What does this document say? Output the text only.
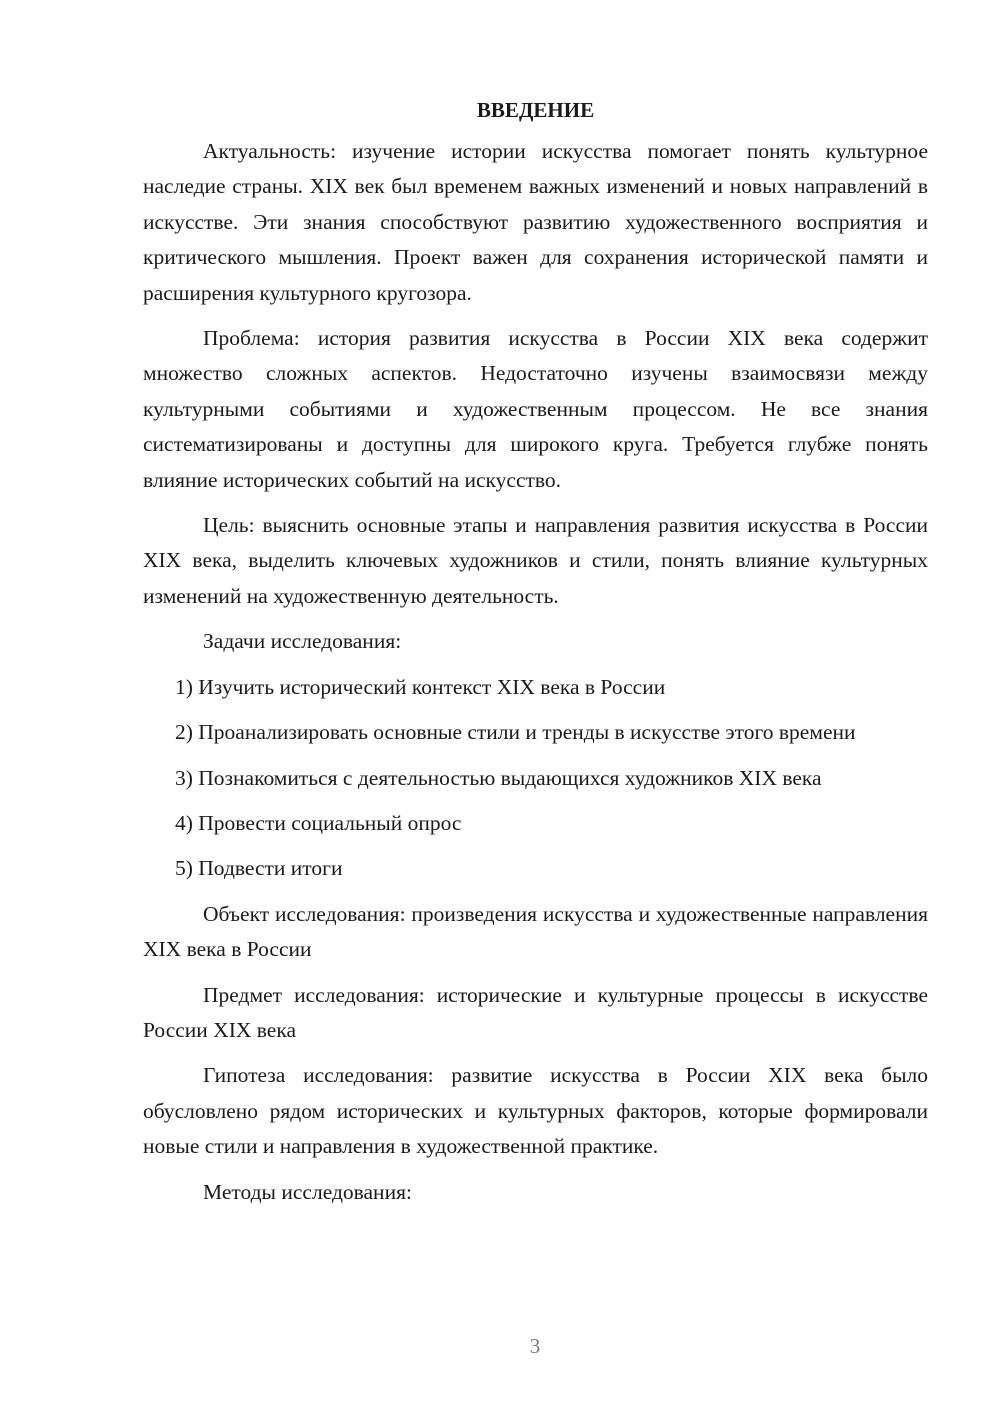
ВВЕДЕНИЕ

Актуальность: изучение истории искусства помогает понять культурное наследие страны. XIX век был временем важных изменений и новых направлений в искусстве. Эти знания способствуют развитию художественного восприятия и критического мышления. Проект важен для сохранения исторической памяти и расширения культурного кругозора.

Проблема: история развития искусства в России XIX века содержит множество сложных аспектов. Недостаточно изучены взаимосвязи между культурными событиями и художественным процессом. Не все знания систематизированы и доступны для широкого круга. Требуется глубже понять влияние исторических событий на искусство.

Цель: выяснить основные этапы и направления развития искусства в России XIX века, выделить ключевых художников и стили, понять влияние культурных изменений на художественную деятельность.

Задачи исследования:

1) Изучить исторический контекст XIX века в России

2) Проанализировать основные стили и тренды в искусстве этого времени

3) Познакомиться с деятельностью выдающихся художников XIX века

4) Провести социальный опрос

5) Подвести итоги

Объект исследования: произведения искусства и художественные направления XIX века в России

Предмет исследования: исторические и культурные процессы в искусстве России XIX века

Гипотеза исследования: развитие искусства в России XIX века было обусловлено рядом исторических и культурных факторов, которые формировали новые стили и направления в художественной практике.

Методы исследования:

3
